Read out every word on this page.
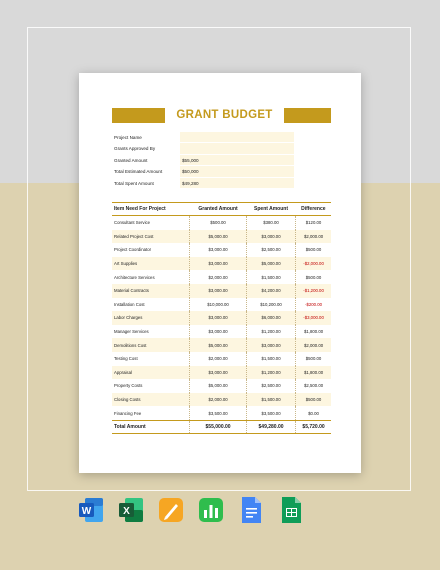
GRANT BUDGET
Project Name
Grants Approved By
Granted Amount	$55,000
Total Estimated Amount	$50,000
Total Spent Amount	$49,280
Item Need For Project	Granted Amount	Spent Amount	Difference
Consultant Service	$500.00	$380.00	$120.00
Related Project Cost	$5,000.00	$3,000.00	$2,000.00
Project Coordinator	$3,000.00	$2,500.00	$500.00
Art Supplies	$3,000.00	$5,000.00	-$2,000.00
Architecture Services	$2,000.00	$1,500.00	$500.00
Material Contracts	$3,000.00	$4,200.00	-$1,200.00
Installation Cost	$10,000.00	$10,200.00	-$200.00
Labor Charges	$3,000.00	$6,000.00	-$3,000.00
Manager Services	$3,000.00	$1,200.00	$1,800.00
Demolitions Cost	$5,000.00	$3,000.00	$2,000.00
Testing Cost	$2,000.00	$1,500.00	$500.00
Appraisal	$3,000.00	$1,200.00	$1,800.00
Property Costs	$5,000.00	$2,500.00	$2,500.00
Closing Costs	$2,000.00	$1,500.00	$500.00
Financing Fee	$3,500.00	$3,500.00	$0.00
Total Amount	$55,000.00	$49,280.00	$5,720.00
W	X
